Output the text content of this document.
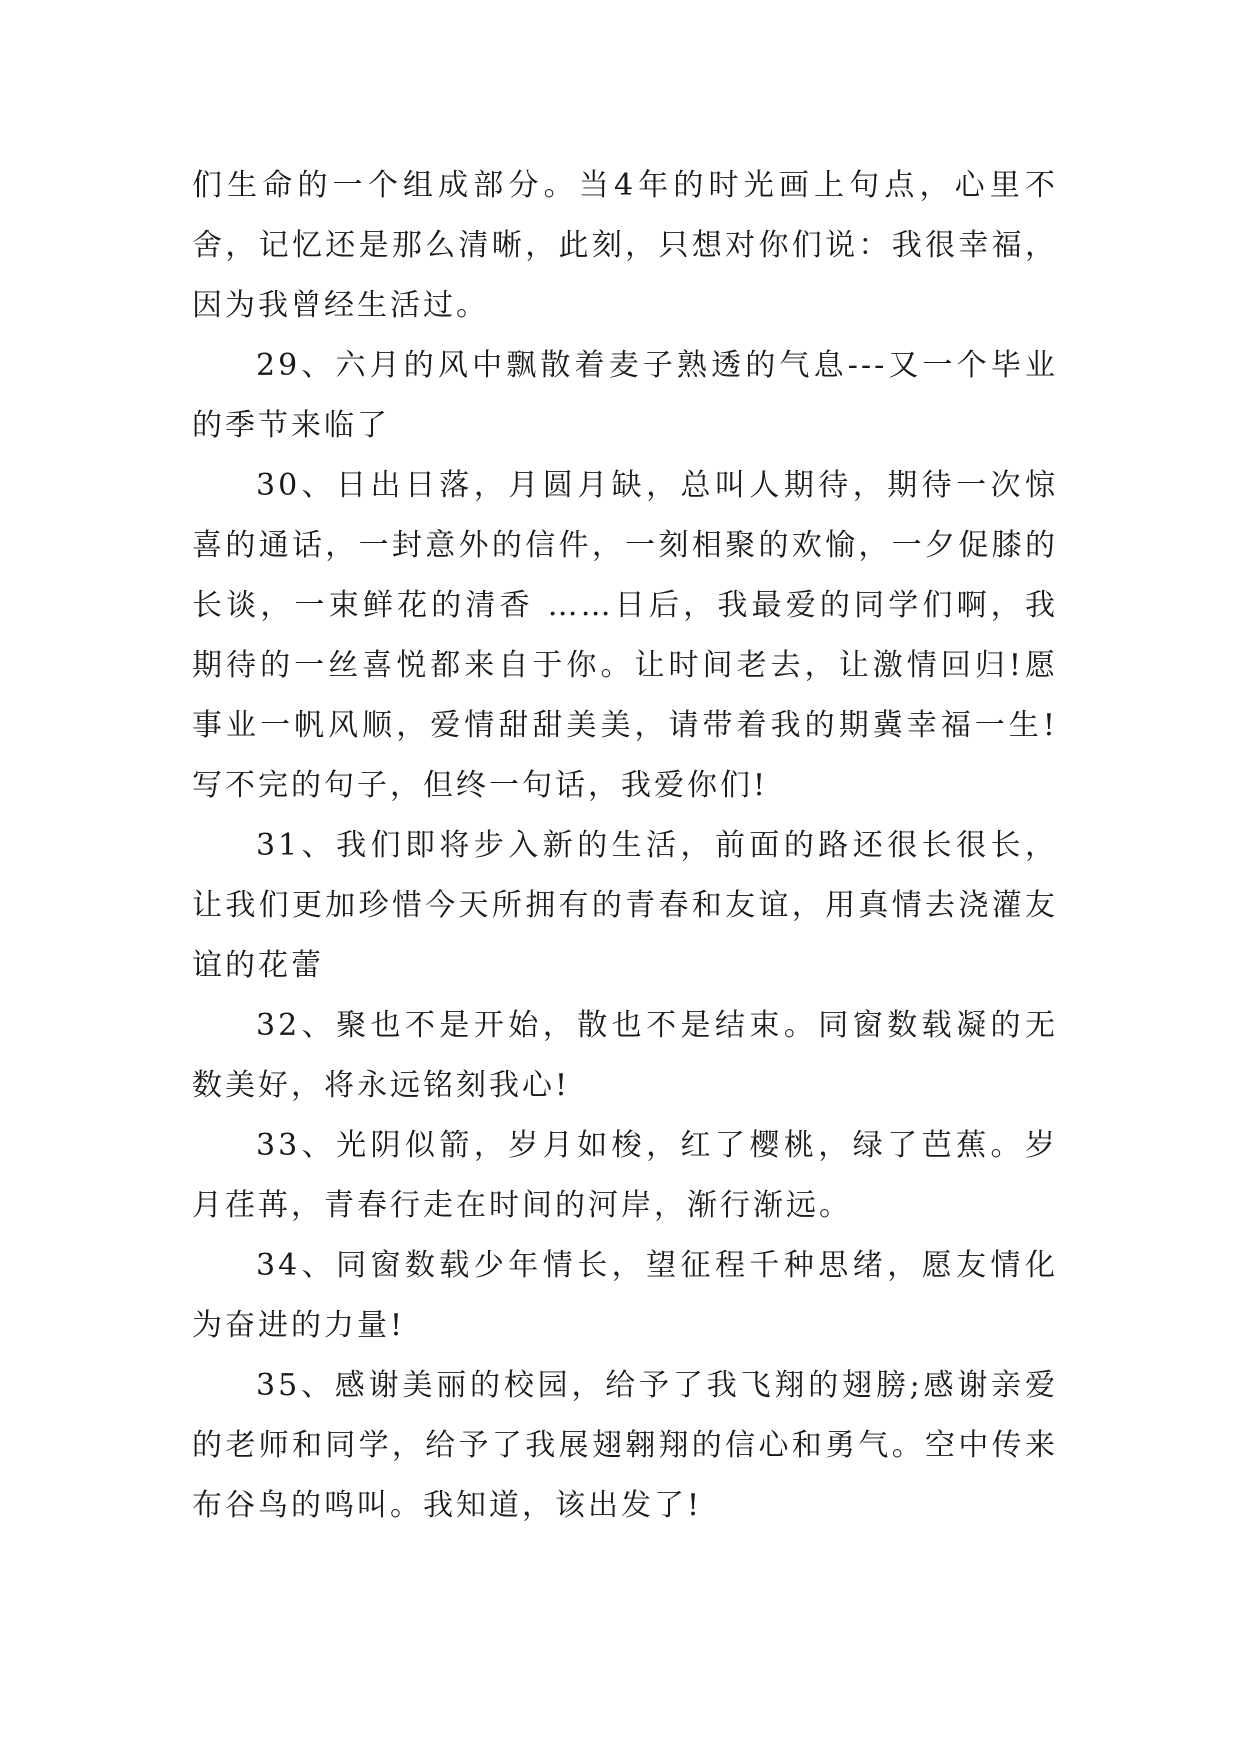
们生命的一个组成部分。当4年的时光画上句点，心里不舍，记忆还是那么清晰，此刻，只想对你们说：我很幸福，因为我曾经生活过。

29、六月的风中飘散着麦子熟透的气息---又一个毕业的季节来临了

30、日出日落，月圆月缺，总叫人期待，期待一次惊喜的通话，一封意外的信件，一刻相聚的欢愉，一夕促膝的长谈，一束鲜花的清香 ……日后，我最爱的同学们啊，我期待的一丝喜悦都来自于你。让时间老去，让激情回归!愿事业一帆风顺，爱情甜甜美美，请带着我的期冀幸福一生!写不完的句子，但终一句话，我爱你们!

31、我们即将步入新的生活，前面的路还很长很长，让我们更加珍惜今天所拥有的青春和友谊，用真情去浇灌友谊的花蕾

32、聚也不是开始，散也不是结束。同窗数载凝的无数美好，将永远铭刻我心!

33、光阴似箭，岁月如梭，红了樱桃，绿了芭蕉。岁月荏苒，青春行走在时间的河岸，渐行渐远。

34、同窗数载少年情长，望征程千种思绪，愿友情化为奋进的力量!

35、感谢美丽的校园，给予了我飞翔的翅膀;感谢亲爱的老师和同学，给予了我展翅翱翔的信心和勇气。空中传来布谷鸟的鸣叫。我知道，该出发了!
